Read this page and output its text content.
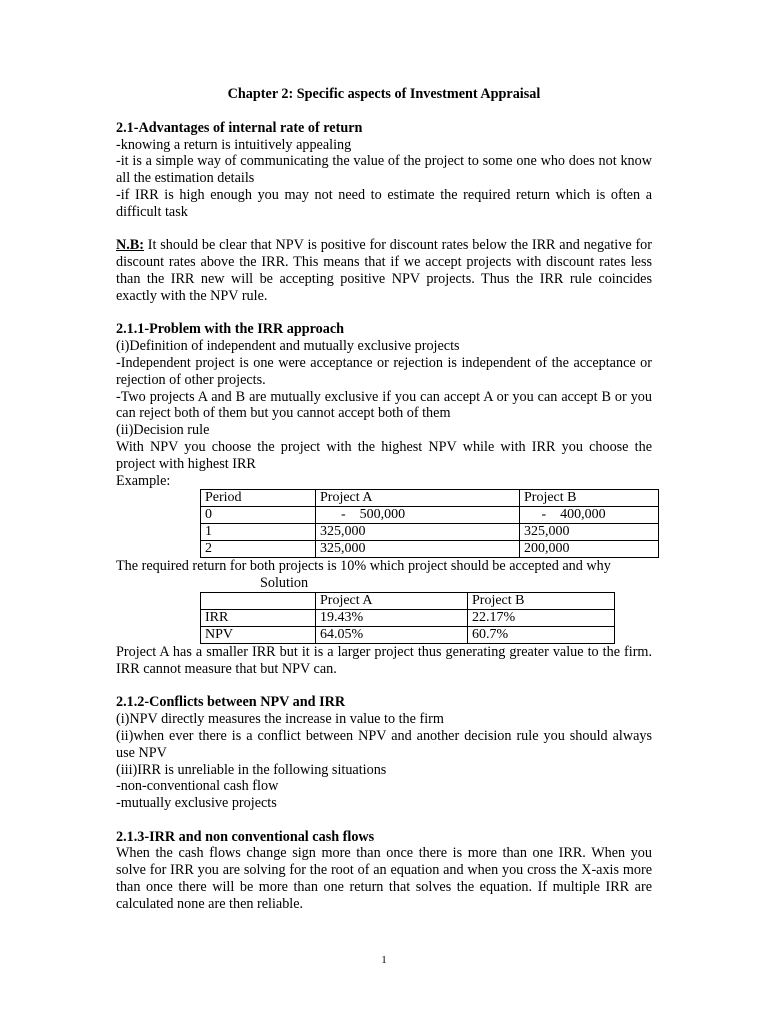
Chapter 2: Specific aspects of Investment Appraisal

2.1-Advantages of internal rate of return

-knowing a return is intuitively appealing

-it is a simple way of communicating the value of the project to some one who does not know all the estimation details

-if IRR is high enough you may not need to estimate the required return which is often a difficult task

N.B: It should be clear that NPV is positive for discount rates below the IRR and negative for discount rates above the IRR. This means that if we accept projects with discount rates less than the IRR new will be accepting positive NPV projects. Thus the IRR rule coincides exactly with the NPV rule.

2.1.1-Problem with the IRR approach

(i)Definition of independent and mutually exclusive projects

-Independent project is one were acceptance or rejection is independent of the acceptance or rejection of other projects.

-Two projects A and B are mutually exclusive if you can accept A or you can accept B or you can reject both of them but you cannot accept both of them

(ii)Decision rule

With NPV you choose the project with the highest NPV while with IRR you choose the project with highest IRR

Example:

Period	Project A	Project B
0	-    500,000	-    400,000
1	325,000	325,000
2	325,000	200,000

The required return for both projects is 10% which project should be accepted and why

Solution

	Project A	Project B
IRR	19.43%	22.17%
NPV	64.05%	60.7%

Project A has a smaller IRR but it is a larger project thus generating greater value to the firm. IRR cannot measure that but NPV can.

2.1.2-Conflicts between NPV and IRR

(i)NPV directly measures the increase in value to the firm

(ii)when ever there is a conflict between NPV and another decision rule you should always use NPV

(iii)IRR is unreliable in the following situations

-non-conventional cash flow

-mutually exclusive projects

2.1.3-IRR and non conventional cash flows

When the cash flows change sign more than once there is more than one IRR. When you solve for IRR you are solving for the root of an equation and when you cross the X-axis more than once there will be more than one return that solves the equation. If multiple IRR are calculated none are then reliable.

1
